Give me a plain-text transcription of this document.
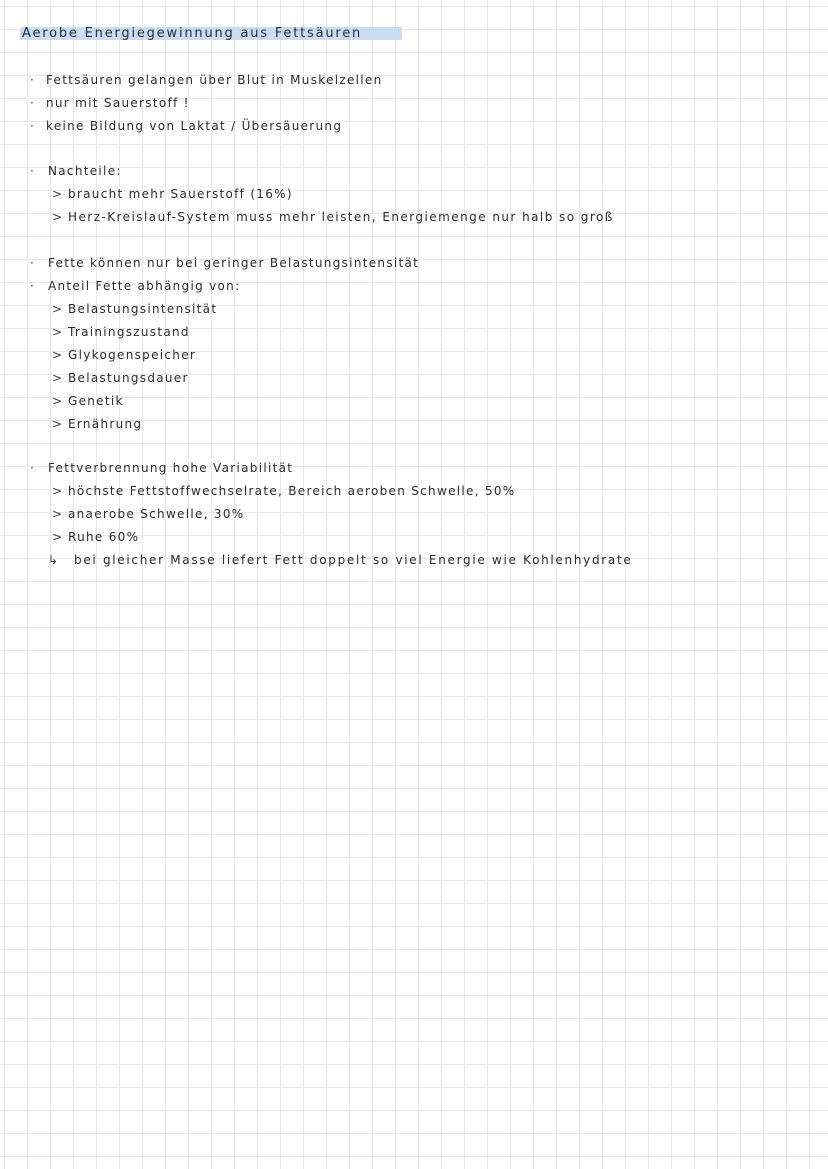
Aerobe Energiegewinnung aus Fettsäuren
· Fettsäuren gelangen über Blut in Muskelzellen
· nur mit Sauerstoff !
· keine Bildung von Laktat / Übersäuerung
· Nachteile:
> braucht mehr Sauerstoff (16%)
> Herz-Kreislauf-System muss mehr leisten, Energiemenge nur halb so groß
· Fette können nur bei geringer Belastungsintensität
· Anteil Fette abhängig von:
> Belastungsintensität
> Trainingszustand
> Glykogenspeicher
> Belastungsdauer
> Genetik
> Ernährung
· Fettverbrennung hohe Variabilität
> höchste Fettstoffwechselrate, Bereich aeroben Schwelle, 50%
> anaerobe Schwelle, 30%
> Ruhe 60%
↳ bei gleicher Masse liefert Fett doppelt so viel Energie wie Kohlenhydrate
